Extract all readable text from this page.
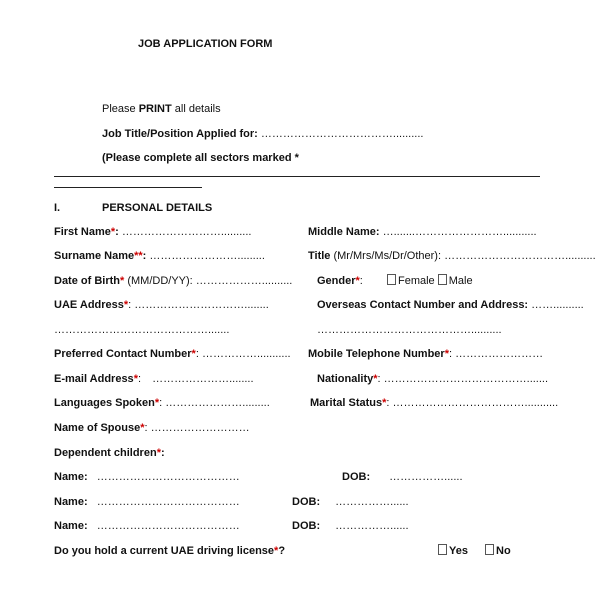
JOB APPLICATION FORM
Please PRINT all details
Job Title/Position Applied for: ………………………………..........
(Please complete all sectors marked *
I.	PERSONAL DETAILS
First Name*: ………………………..........	Middle Name: ….......……………………...........
Surname Name**: …………………….........	Title (Mr/Mrs/Ms/Dr/Other): ……………………………..........
Date of Birth* (MM/DD/YY): ……………….......... Gender*:	Female Male
UAE Address*: …………………………........	Overseas Contact Number and Address: ……..........
…………………………………….......	……………………………………..........
Preferred Contact Number*: ……………........... Mobile Telephone Number*: ……………………
E-mail Address*: …………………........	Nationality*: ………………………………….......
Languages Spoken*: ………………….........	Marital Status*: ………………………………...........
Name of Spouse*: ………………………
Dependent children*:
Name: …………………………………	DOB: ……………......
Name: …………………………………	DOB: ……………......
Name: …………………………………	DOB: ……………......
Do you hold a current UAE driving license*?	Yes	No
